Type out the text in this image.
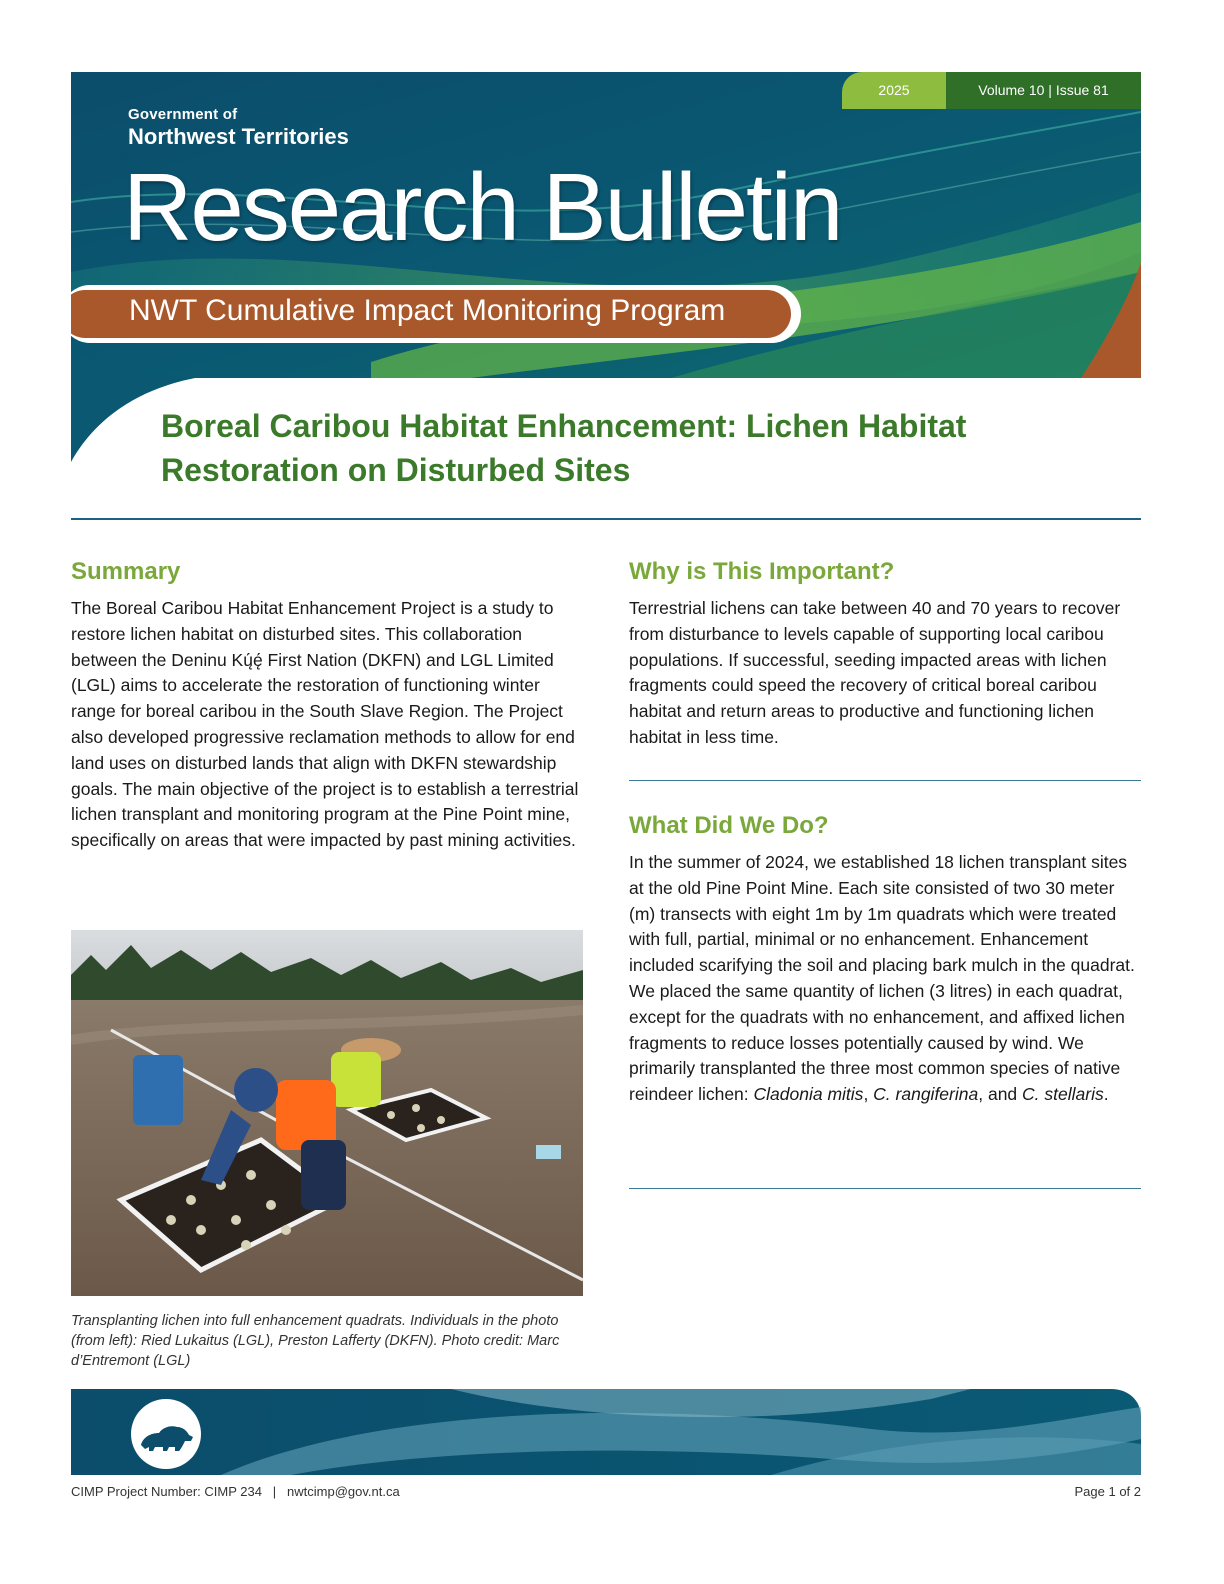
Government of
Northwest Territories
Research Bulletin
NWT Cumulative Impact Monitoring Program
2025	Volume 10 | Issue 81
Boreal Caribou Habitat Enhancement: Lichen Habitat
Restoration on Disturbed Sites
Summary

The Boreal Caribou Habitat Enhancement Project is a study to restore lichen habitat on disturbed sites. This collaboration between the Deninu Kų́ę́ First Nation (DKFN) and LGL Limited (LGL) aims to accelerate the restoration of functioning winter range for boreal caribou in the South Slave Region. The Project also developed progressive reclamation methods to allow for end land uses on disturbed lands that align with DKFN stewardship goals. The main objective of the project is to establish a terrestrial lichen transplant and monitoring program at the Pine Point mine, specifically on areas that were impacted by past mining activities.

Transplanting lichen into full enhancement quadrats. Individuals in the photo (from left): Ried Lukaitus (LGL), Preston Lafferty (DKFN). Photo credit: Marc d’Entremont (LGL)

Why is This Important?

Terrestrial lichens can take between 40 and 70 years to recover from disturbance to levels capable of supporting local caribou populations. If successful, seeding impacted areas with lichen fragments could speed the recovery of critical boreal caribou habitat and return areas to productive and functioning lichen habitat in less time.

What Did We Do?

In the summer of 2024, we established 18 lichen transplant sites at the old Pine Point Mine. Each site consisted of two 30 meter (m) transects with eight 1m by 1m quadrats which were treated with full, partial, minimal or no enhancement. Enhancement included scarifying the soil and placing bark mulch in the quadrat. We placed the same quantity of lichen (3 litres) in each quadrat, except for the quadrats with no enhancement, and affixed lichen fragments to reduce losses potentially caused by wind. We primarily transplanted the three most common species of native reindeer lichen: Cladonia mitis, C. rangiferina, and C. stellaris.

CIMP Project Number: CIMP 234   |   nwtcimp@gov.nt.ca	Page 1 of 2
